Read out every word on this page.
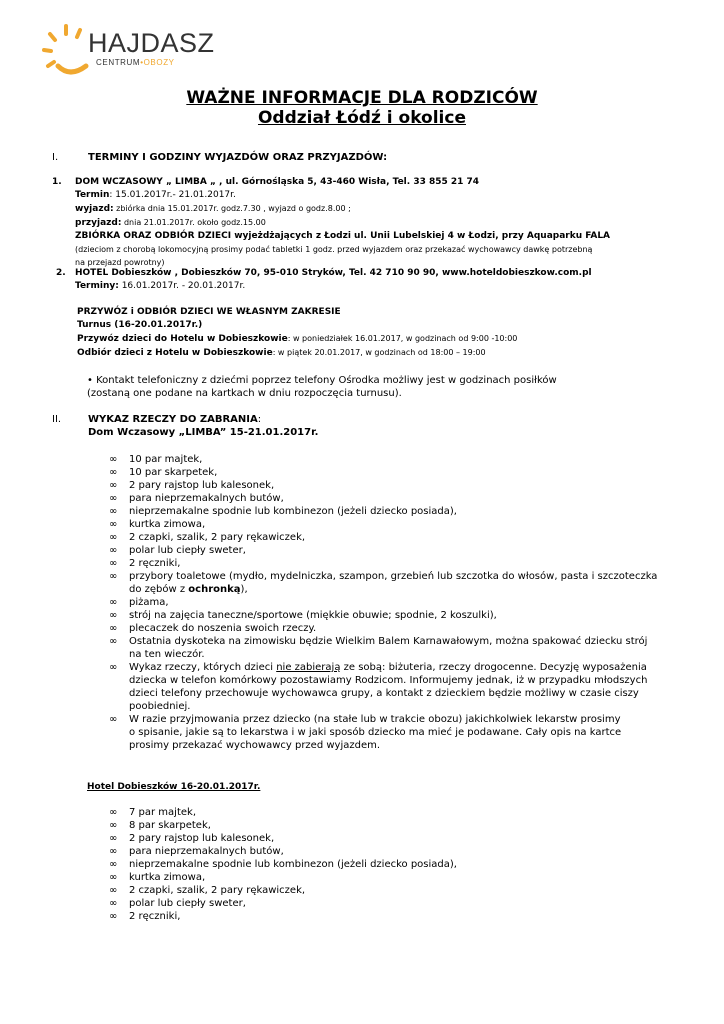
HAJDASZ
CENTRUM•OBOZY
WAŻNE INFORMACJE DLA RODZICÓW
Oddział Łódź i okolice
I.	TERMINY I GODZINY WYJAZDÓW ORAZ PRZYJAZDÓW:
1. DOM WCZASOWY „ LIMBA „ , ul. Górnośląska 5, 43-460 Wisła, Tel. 33 855 21 74
Termin: 15.01.2017r.- 21.01.2017r.
wyjazd: zbiórka dnia 15.01.2017r. godz.7.30 , wyjazd o godz.8.00 ;
przyjazd: dnia 21.01.2017r. około godz.15.00
ZBIÓRKA ORAZ ODBIÓR DZIECI wyjeżdżających z Łodzi ul. Unii Lubelskiej 4 w Łodzi, przy Aquaparku FALA
(dzieciom z chorobą lokomocyjną prosimy podać tabletki 1 godz. przed wyjazdem oraz przekazać wychowawcy dawkę potrzebną
na przejazd powrotny)
2. HOTEL Dobieszków , Dobieszków 70, 95-010 Stryków, Tel. 42 710 90 90, www.hoteldobieszkow.com.pl
Terminy: 16.01.2017r. - 20.01.2017r.
PRZYWÓZ i ODBIÓR DZIECI WE WŁASNYM ZAKRESIE
Turnus (16-20.01.2017r.)
Przywóz dzieci do Hotelu w Dobieszkowie: w poniedziałek 16.01.2017, w godzinach od 9:00 -10:00
Odbiór dzieci z Hotelu w Dobieszkowie: w piątek 20.01.2017, w godzinach od 18:00 – 19:00
• Kontakt telefoniczny z dziećmi poprzez telefony Ośrodka możliwy jest w godzinach posiłków
(zostaną one podane na kartkach w dniu rozpoczęcia turnusu).
II.	WYKAZ RZECZY DO ZABRANIA:
Dom Wczasowy „LIMBA” 15-21.01.2017r.
∞ 10 par majtek,
∞ 10 par skarpetek,
∞ 2 pary rajstop lub kalesonek,
∞ para nieprzemakalnych butów,
∞ nieprzemakalne spodnie lub kombinezon (jeżeli dziecko posiada),
∞ kurtka zimowa,
∞ 2 czapki, szalik, 2 pary rękawiczek,
∞ polar lub ciepły sweter,
∞ 2 ręczniki,
∞ przybory toaletowe (mydło, mydelniczka, szampon, grzebień lub szczotka do włosów, pasta i szczoteczka
do zębów z ochronką),
∞ piżama,
∞ strój na zajęcia taneczne/sportowe (miękkie obuwie; spodnie, 2 koszulki),
∞ plecaczek do noszenia swoich rzeczy.
∞ Ostatnia dyskoteka na zimowisku będzie Wielkim Balem Karnawałowym, można spakować dziecku strój
na ten wieczór.
∞ Wykaz rzeczy, których dzieci nie zabierają ze sobą: biżuteria, rzeczy drogocenne. Decyzję wyposażenia
dziecka w telefon komórkowy pozostawiamy Rodzicom. Informujemy jednak, iż w przypadku młodszych
dzieci telefony przechowuje wychowawca grupy, a kontakt z dzieckiem będzie możliwy w czasie ciszy
poobiedniej.
∞ W razie przyjmowania przez dziecko (na stałe lub w trakcie obozu) jakichkolwiek lekarstw prosimy
o spisanie, jakie są to lekarstwa i w jaki sposób dziecko ma mieć je podawane. Cały opis na kartce
prosimy przekazać wychowawcy przed wyjazdem.
Hotel Dobieszków 16-20.01.2017r.
∞ 7 par majtek,
∞ 8 par skarpetek,
∞ 2 pary rajstop lub kalesonek,
∞ para nieprzemakalnych butów,
∞ nieprzemakalne spodnie lub kombinezon (jeżeli dziecko posiada),
∞ kurtka zimowa,
∞ 2 czapki, szalik, 2 pary rękawiczek,
∞ polar lub ciepły sweter,
∞ 2 ręczniki,
